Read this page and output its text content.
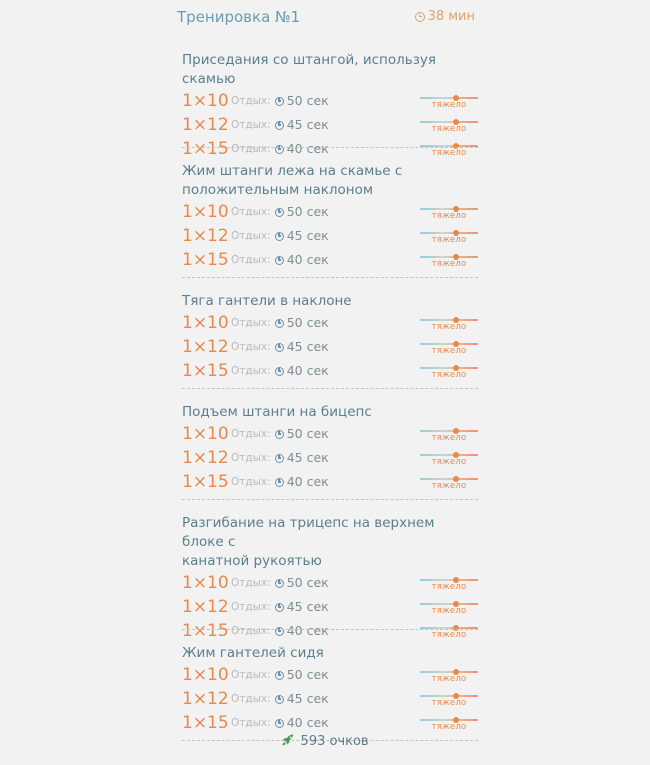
Тренировка №1	38 мин
Приседания со штангой, используя скамью
1×10 Отдых: 50 сек	тяжело
1×12 Отдых: 45 сек	тяжело
1×15 Отдых: 40 сек	тяжело
Жим штанги лежа на скамье с
положительным наклоном
1×10 Отдых: 50 сек	тяжело
1×12 Отдых: 45 сек	тяжело
1×15 Отдых: 40 сек	тяжело
Тяга гантели в наклоне
1×10 Отдых: 50 сек	тяжело
1×12 Отдых: 45 сек	тяжело
1×15 Отдых: 40 сек	тяжело
Подъем штанги на бицепс
1×10 Отдых: 50 сек	тяжело
1×12 Отдых: 45 сек	тяжело
1×15 Отдых: 40 сек	тяжело
Разгибание на трицепс на верхнем блоке с
канатной рукоятью
1×10 Отдых: 50 сек	тяжело
1×12 Отдых: 45 сек	тяжело
1×15 Отдых: 40 сек	тяжело
Жим гантелей сидя
1×10 Отдых: 50 сек	тяжело
1×12 Отдых: 45 сек	тяжело
1×15 Отдых: 40 сек	тяжело
593 очков
